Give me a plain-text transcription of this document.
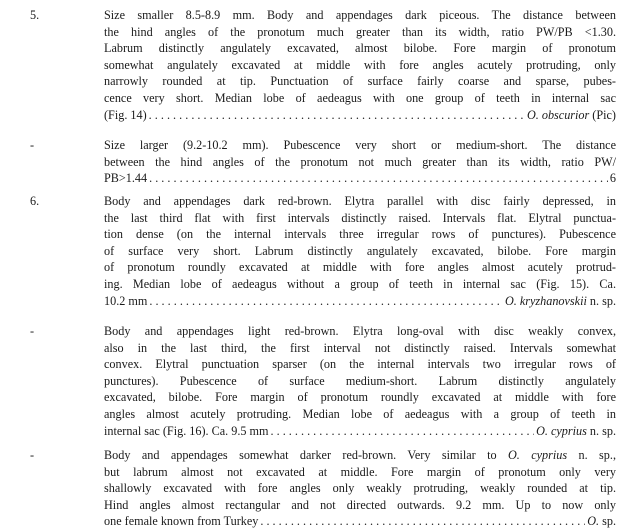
5.	Size smaller 8.5-8.9 mm. Body and appendages dark piceous. The distance between
the hind angles of the pronotum much greater than its width, ratio PW/PB <1.30.
Labrum distinctly angulately excavated, almost bilobe. Fore margin of pronotum
somewhat angulately excavated at middle with fore angles acutely protruding, only
narrowly rounded at tip. Punctuation of surface fairly coarse and sparse, pubes-
cence very short. Median lobe of aedeagus with one group of teeth in internal sac
(Fig. 14) . . .	O. obscurior (Pic)
-	Size larger (9.2-10.2 mm). Pubescence very short or medium-short. The distance
between the hind angles of the pronotum not much greater than its width, ratio PW/
PB>1.44 . . .	6
6.	Body and appendages dark red-brown. Elytra parallel with disc fairly depressed, in
the last third flat with first intervals distinctly raised. Intervals flat. Elytral punctua-
tion dense (on the internal intervals three irregular rows of punctures). Pubescence
of surface very short. Labrum distinctly angulately excavated, bilobe. Fore margin
of pronotum roundly excavated at middle with fore angles almost acutely protrud-
ing. Median lobe of aedeagus without a group of teeth in internal sac (Fig. 15). Ca.
10.2 mm . . .	O. kryzhanovskii n. sp.
-	Body and appendages light red-brown. Elytra long-oval with disc weakly convex,
also in the last third, the first interval not distinctly raised. Intervals somewhat
convex. Elytral punctuation sparser (on the internal intervals two irregular rows of
punctures). Pubescence of surface medium-short. Labrum distinctly angulately
excavated, bilobe. Fore margin of pronotum roundly excavated at middle with fore
angles almost acutely protruding. Median lobe of aedeagus with a group of teeth in
internal sac (Fig. 16). Ca. 9.5 mm . . .	O. cyprius n. sp.
-	Body and appendages somewhat darker red-brown. Very similar to O. cyprius n. sp.,
but labrum almost not excavated at middle. Fore margin of pronotum only very
shallowly excavated with fore angles only weakly protruding, weakly rounded at tip.
Hind angles almost rectangular and not directed outwards. 9.2 mm. Up to now only
one female known from Turkey . . .	O. sp.
